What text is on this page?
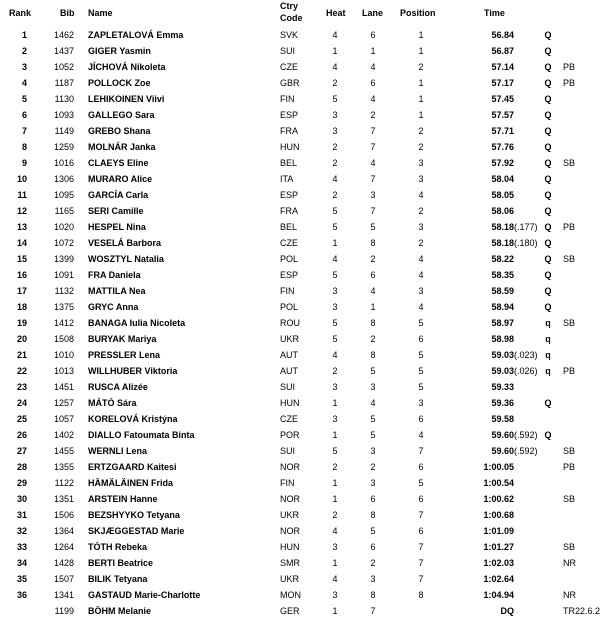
Rank	Bib Name
Ctry
Code	Heat Lane Position	Time
1	1462 ZAPLETALOVÁ Emma	SVK	4	6	1	56.84	Q
2	1437 GIGER Yasmin	SUI	1	1	1	56.87	Q
3	1052 JÍCHOVÁ Nikoleta	CZE	4	4	2	57.14	Q PB
4	1187 POLLOCK Zoe	GBR	2	6	1	57.17	Q PB
5	1130 LEHIKOINEN Viivi	FIN	5	4	1	57.45	Q
6	1093 GALLEGO Sara	ESP	3	2	1	57.57	Q
7	1149 GREBO Shana	FRA	3	7	2	57.71	Q
8	1259 MOLNÁR Janka	HUN	2	7	2	57.76	Q
9	1016 CLAEYS Eline	BEL	2	4	3	57.92	Q SB
10	1306 MURARO Alice	ITA	4	7	3	58.04	Q
11	1095 GARCÍA Carla	ESP	2	3	4	58.05	Q
12	1165 SERI Camille	FRA	5	7	2	58.06	Q
13	1020 HESPEL Nina	BEL	5	5	3	58.18 (.177) Q PB
14	1072 VESELÁ Barbora	CZE	1	8	2	58.18 (.180) Q
15	1399 WOSZTYL Natalia	POL	4	2	4	58.22	Q SB
16	1091 FRA Daniela	ESP	5	6	4	58.35	Q
17	1132 MATTILA Nea	FIN	3	4	3	58.59	Q
18	1375 GRYC Anna	POL	3	1	4	58.94	Q
19	1412 BANAGA Iulia Nicoleta	ROU	5	8	5	58.97	q SB
20	1508 BURYAK Mariya	UKR	5	2	6	58.98	q
21	1010 PRESSLER Lena	AUT	4	8	5	59.03 (.023) q
22	1013 WILLHUBER Viktoria	AUT	2	5	5	59.03 (.026) q PB
23	1451 RUSCA Alizée	SUI	3	3	5	59.33
24	1257 MÁTÓ Sára	HUN	1	4	3	59.36	Q
25	1057 KORELOVÁ Kristýna	CZE	3	5	6	59.58
26	1402 DIALLO Fatoumata Binta	POR	1	5	4	59.60 (.592) Q
27	1455 WERNLI Lena	SUI	5	3	7	59.60 (.592)	SB
28	1355 ERTZGAARD Kaitesi	NOR	2	2	6	1:00.05	PB
29	1122 HÄMÄLÄINEN Frida	FIN	1	3	5	1:00.54
30	1351 ARSTEIN Hanne	NOR	1	6	6	1:00.62	SB
31	1506 BEZSHYYKO Tetyana	UKR	2	8	7	1:00.68
32	1364 SKJÆGGESTAD Marie	NOR	4	5	6	1:01.09
33	1264 TÓTH Rebeka	HUN	3	6	7	1:01.27	SB
34	1428 BERTI Beatrice	SMR	1	2	7	1:02.03	NR
35	1507 BILIK Tetyana	UKR	4	3	7	1:02.64
36	1341 GASTAUD Marie-Charlotte	MON	3	8	8	1:04.94	NR
1199 BÖHM Melanie	GER	1	7	DQ	TR22.6.2
